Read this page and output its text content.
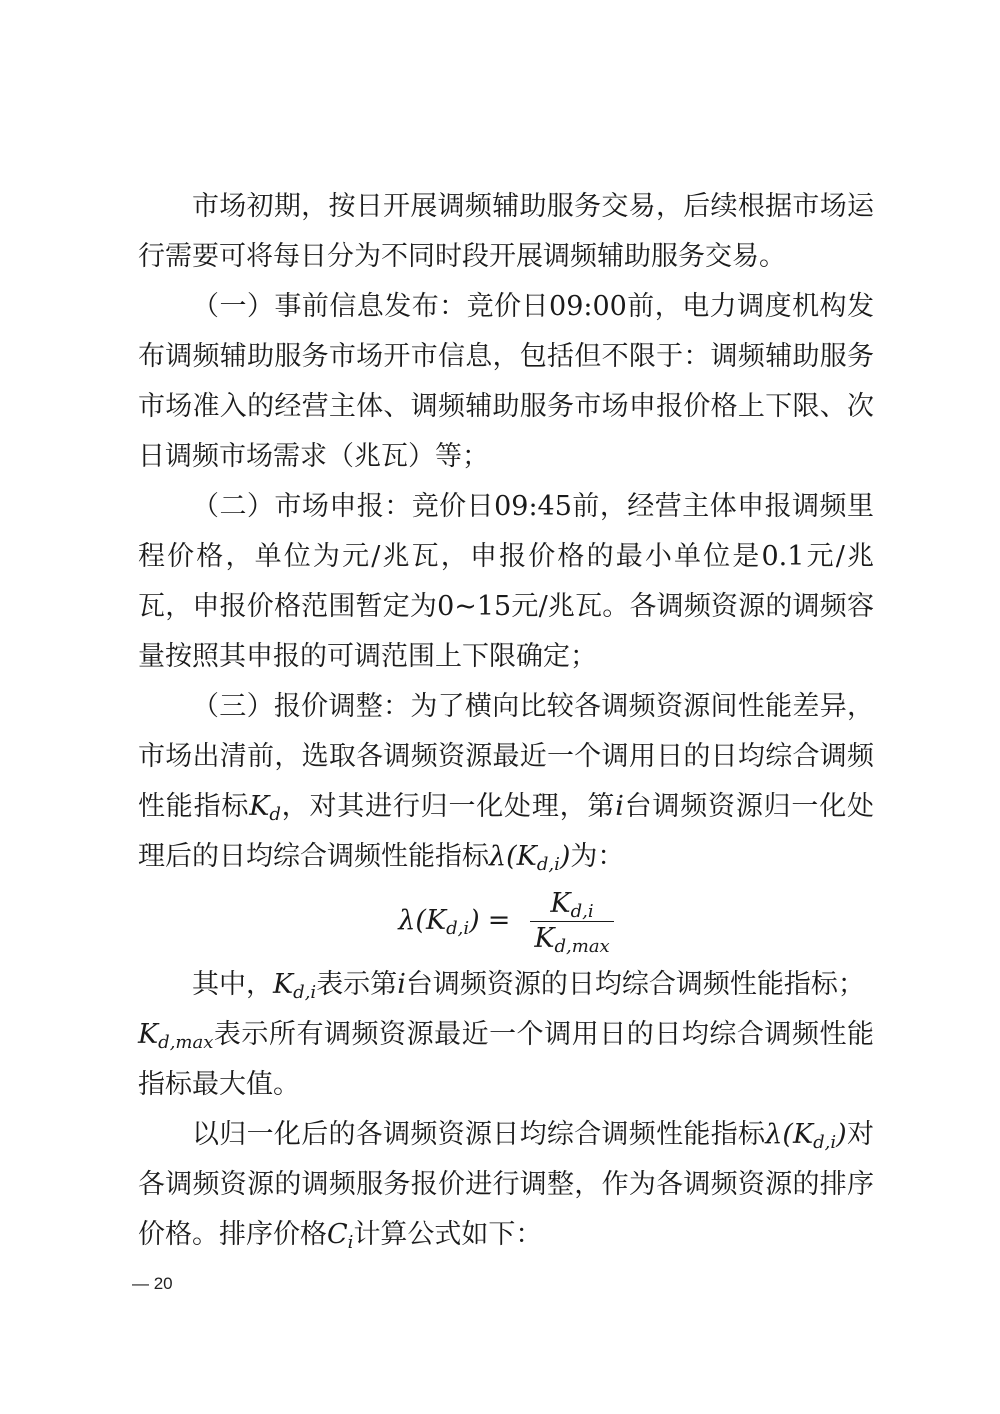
市场初期，按日开展调频辅助服务交易，后续根据市场运行需要可将每日分为不同时段开展调频辅助服务交易。

（一）事前信息发布：竞价日09:00前，电力调度机构发布调频辅助服务市场开市信息，包括但不限于：调频辅助服务市场准入的经营主体、调频辅助服务市场申报价格上下限、次日调频市场需求（兆瓦）等；

（二）市场申报：竞价日09:45前，经营主体申报调频里程价格，单位为元/兆瓦，申报价格的最小单位是0.1元/兆瓦，申报价格范围暂定为0~15元/兆瓦。各调频资源的调频容量按照其申报的可调范围上下限确定；

（三）报价调整：为了横向比较各调频资源间性能差异，市场出清前，选取各调频资源最近一个调用日的日均综合调频性能指标$K_d$，对其进行归一化处理，第i台调频资源归一化处理后的日均综合调频性能指标$\lambda(K_{d,i})$为：

$\lambda(K_{d,i}) = \frac{K_{d,i}}{K_{d,max}}$

其中，$K_{d,i}$表示第i台调频资源的日均综合调频性能指标；

$K_{d,max}$表示所有调频资源最近一个调用日的日均综合调频性能指标最大值。

以归一化后的各调频资源日均综合调频性能指标$\lambda(K_{d,i})$对各调频资源的调频服务报价进行调整，作为各调频资源的排序价格。排序价格$C_i$计算公式如下：

— 20
